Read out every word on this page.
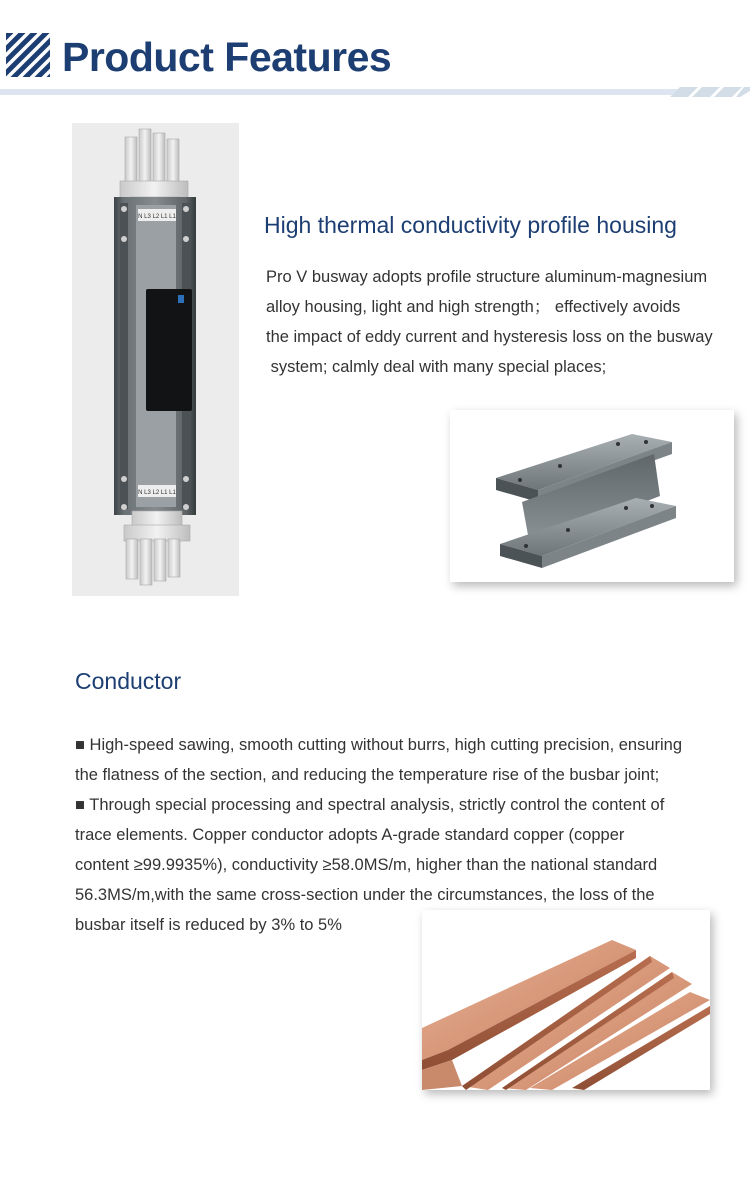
Product Features
N L3 L2 L1 L1
N L3 L2 L1 L1
High thermal conductivity profile housing
Pro V busway adopts profile structure aluminum-magnesium
alloy housing, light and high strength； effectively avoids
the impact of eddy current and hysteresis loss on the busway
system; calmly deal with many special places;
Conductor
■ High-speed sawing, smooth cutting without burrs, high cutting precision, ensuring
the flatness of the section, and reducing the temperature rise of the busbar joint;
■ Through special processing and spectral analysis, strictly control the content of
trace elements. Copper conductor adopts A-grade standard copper (copper
content ≥99.9935%), conductivity ≥58.0MS/m, higher than the national standard
56.3MS/m,with the same cross-section under the circumstances, the loss of the
busbar itself is reduced by 3% to 5%
